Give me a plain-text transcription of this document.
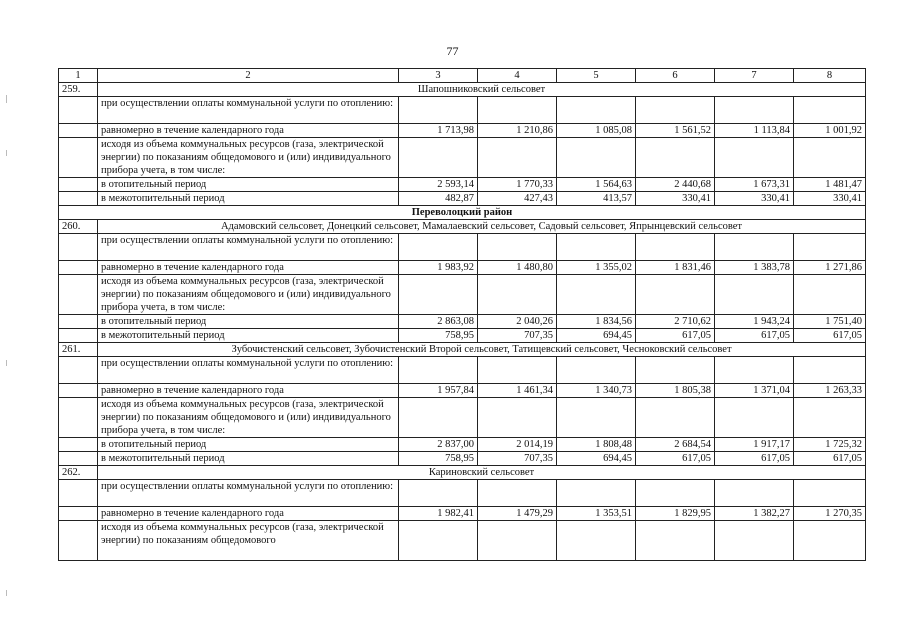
77
1	2	3	4	5	6	7	8
259.	Шапошниковский сельсовет						
	при осуществлении оплаты коммунальной услуги по отоплению:						
	равномерно в течение календарного года	1 713,98	1 210,86	1 085,08	1 561,52	1 113,84	1 001,92
	исходя из объема коммунальных ресурсов (газа, электрической энергии) по показаниям общедомового и (или) индивидуального прибора учета, в том числе:						
	в отопительный период	2 593,14	1 770,33	1 564,63	2 440,68	1 673,31	1 481,47
	в межотопительный период	482,87	427,43	413,57	330,41	330,41	330,41
Переволоцкий район							
260.	Адамовский сельсовет, Донецкий сельсовет, Мамалаевский сельсовет, Садовый сельсовет, Япрынцевский сельсовет						
	при осуществлении оплаты коммунальной услуги по отоплению:						
	равномерно в течение календарного года	1 983,92	1 480,80	1 355,02	1 831,46	1 383,78	1 271,86
	исходя из объема коммунальных ресурсов (газа, электрической энергии) по показаниям общедомового и (или) индивидуального прибора учета, в том числе:						
	в отопительный период	2 863,08	2 040,26	1 834,56	2 710,62	1 943,24	1 751,40
	в межотопительный период	758,95	707,35	694,45	617,05	617,05	617,05
261.	Зубочистенский сельсовет, Зубочистенский Второй сельсовет, Татищевский сельсовет, Чесноковский сельсовет						
	при осуществлении оплаты коммунальной услуги по отоплению:						
	равномерно в течение календарного года	1 957,84	1 461,34	1 340,73	1 805,38	1 371,04	1 263,33
	исходя из объема коммунальных ресурсов (газа, электрической энергии) по показаниям общедомового и (или) индивидуального прибора учета, в том числе:						
	в отопительный период	2 837,00	2 014,19	1 808,48	2 684,54	1 917,17	1 725,32
	в межотопительный период	758,95	707,35	694,45	617,05	617,05	617,05
262.	Кариновский сельсовет						
	при осуществлении оплаты коммунальной услуги по отоплению:						
	равномерно в течение календарного года	1 982,41	1 479,29	1 353,51	1 829,95	1 382,27	1 270,35
	исходя из объема коммунальных ресурсов (газа, электрической энергии) по показаниям общедомового						
